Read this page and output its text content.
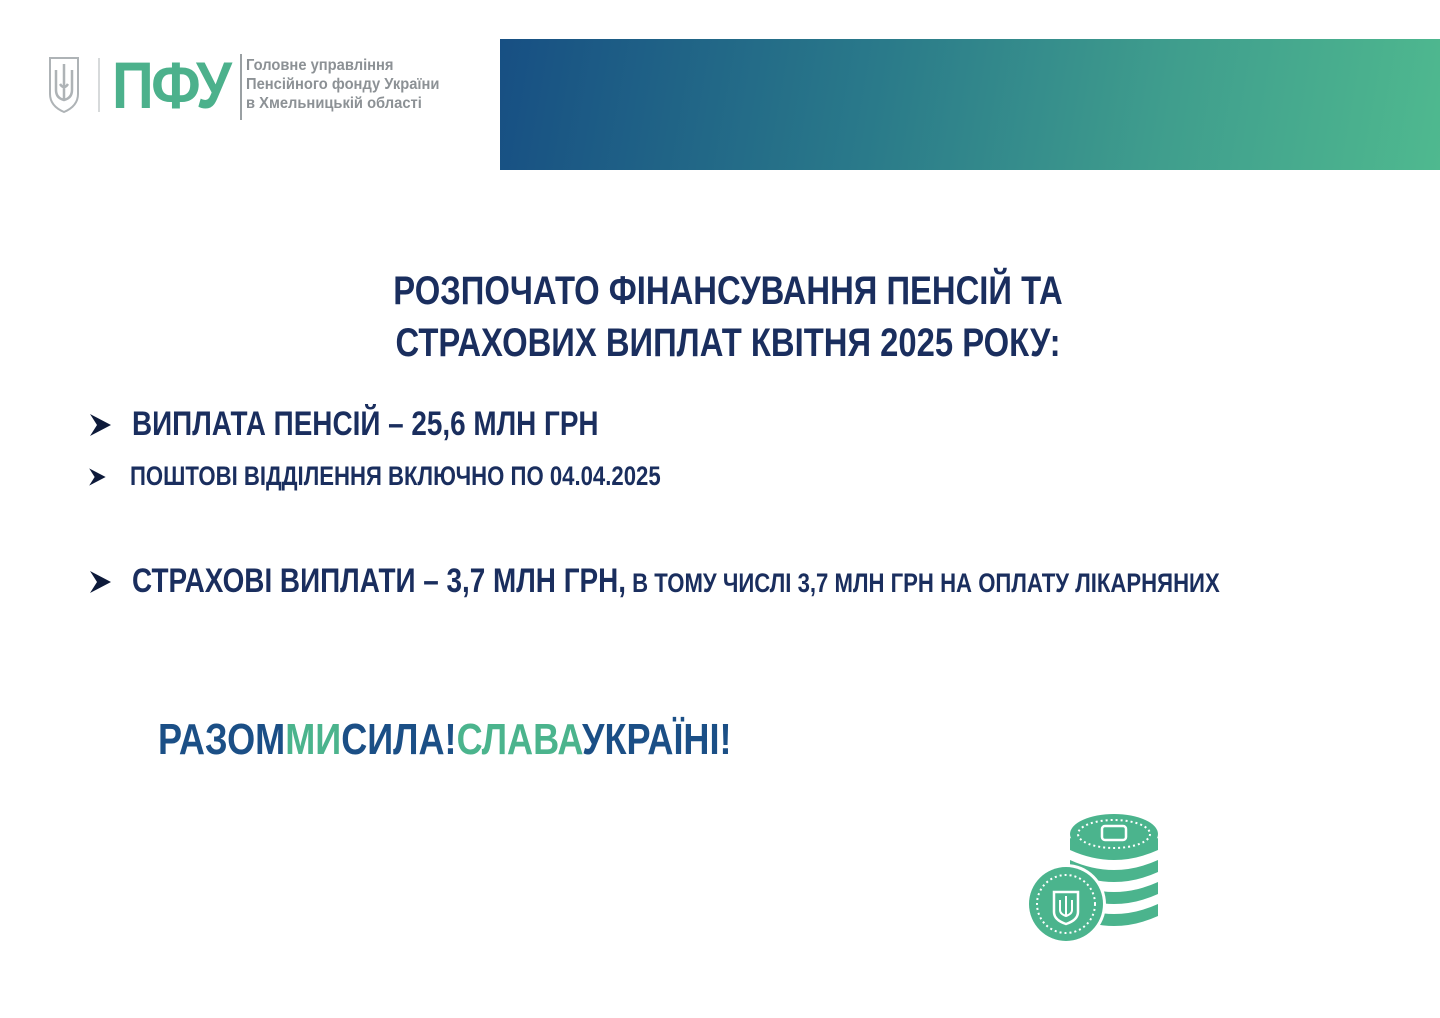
ПФУ Головне управління
Пенсійного фонду України
в Хмельницькій області
РОЗПОЧАТО ФІНАНСУВАННЯ ПЕНСІЙ ТА
СТРАХОВИХ ВИПЛАТ КВІТНЯ 2025 РОКУ:
ВИПЛАТА ПЕНСІЙ – 25,6 МЛН ГРН
ПОШТОВІ ВІДДІЛЕННЯ ВКЛЮЧНО ПО 04.04.2025
СТРАХОВІ ВИПЛАТИ – 3,7 МЛН ГРН, В ТОМУ ЧИСЛІ 3,7 МЛН ГРН НА ОПЛАТУ ЛІКАРНЯНИХ
РАЗОММИСИЛА!СЛАВАУКРАЇНІ!
